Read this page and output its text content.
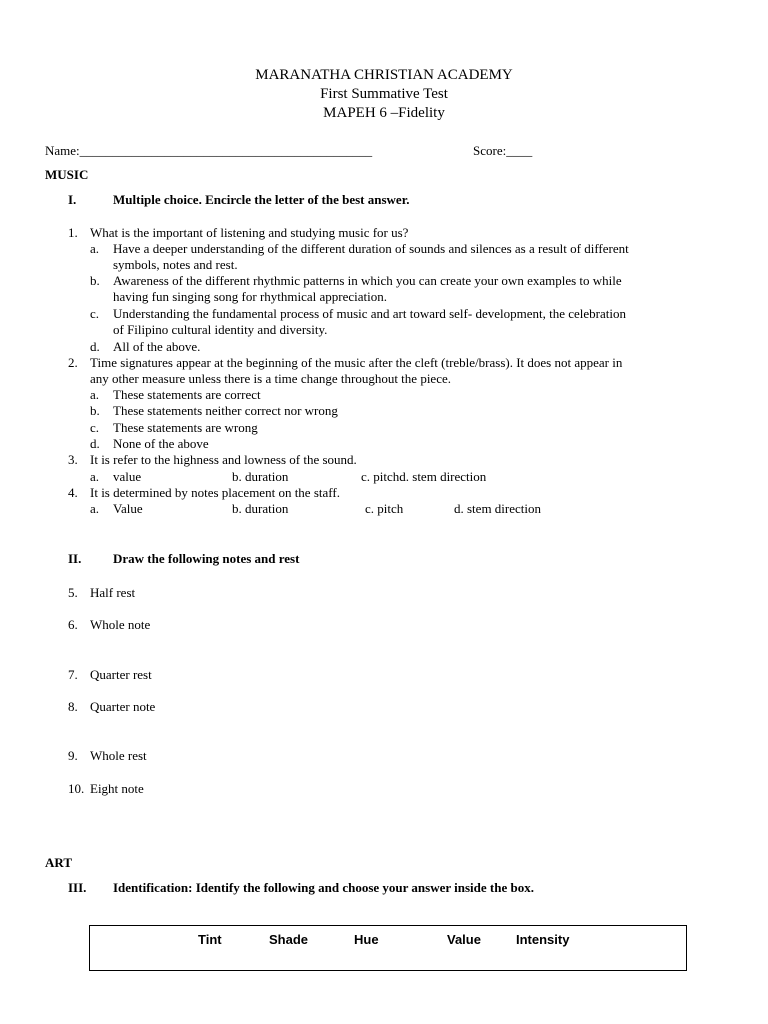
MARANATHA CHRISTIAN ACADEMY
First Summative Test
MAPEH 6 –Fidelity
Name:_____________________________________________	Score:____
MUSIC
I.	Multiple choice. Encircle the letter of the best answer.
1. What is the important of listening and studying music for us?
a. Have a deeper understanding of the different duration of sounds and silences as a result of different
symbols, notes and rest.
b. Awareness of the different rhythmic patterns in which you can create your own examples to while
having fun singing song for rhythmical appreciation.
c. Understanding the fundamental process of music and art toward self- development, the celebration
of Filipino cultural identity and diversity.
d. All of the above.
2. Time signatures appear at the beginning of the music after the cleft (treble/brass). It does not appear in
any other measure unless there is a time change throughout the piece.
a. These statements are correct
b. These statements neither correct nor wrong
c. These statements are wrong
d. None of the above
3. It is refer to the highness and lowness of the sound.
a. value	b. duration	c. pitchd. stem direction
4. It is determined by notes placement on the staff.
a. Value	b. duration	c. pitch	d. stem direction
II. Draw the following notes and rest
5. Half rest
6. Whole note
7. Quarter rest
8. Quarter note
9. Whole rest
10. Eight note
ART
III. Identification: Identify the following and choose your answer inside the box.
Tint	Shade	Hue	Value	Intensity
